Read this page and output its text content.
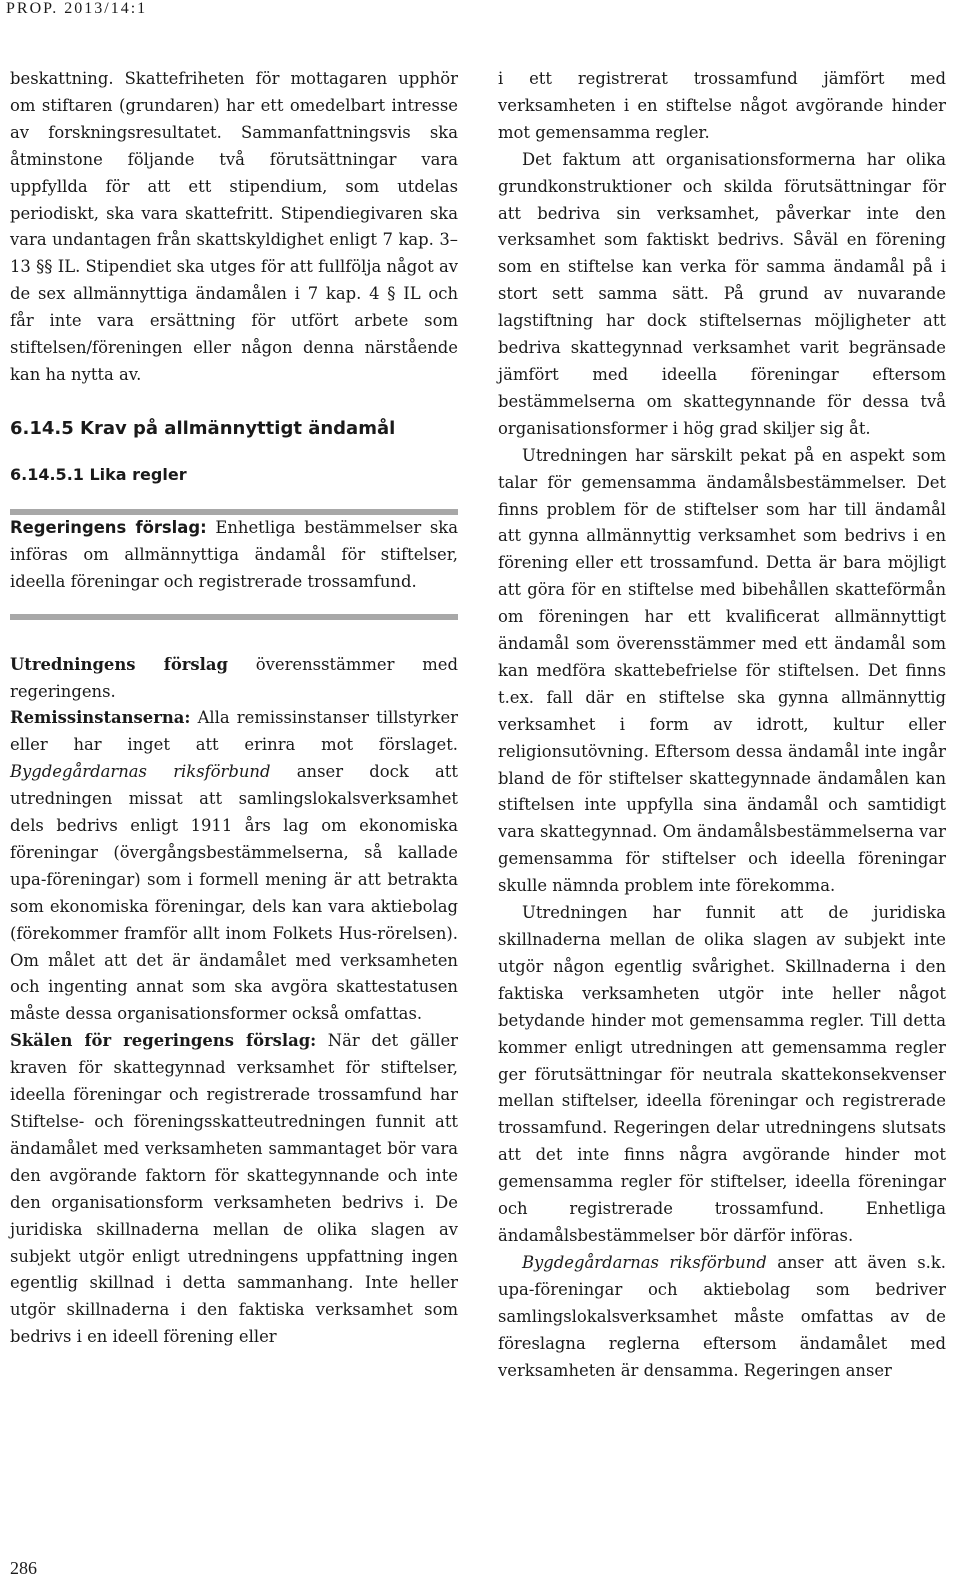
PROP. 2013/14:1

beskattning. Skattefriheten för mottagaren upphör om stiftaren (grundaren) har ett omedelbart intresse av forskningsresultatet. Sammanfattningsvis ska åtminstone följande två förutsättningar vara uppfyllda för att ett stipendium, som utdelas periodiskt, ska vara skattefritt. Stipendiegivaren ska vara undantagen från skattskyldighet enligt 7 kap. 3–13 §§ IL. Stipendiet ska utges för att fullfölja något av de sex allmännyttiga ändamålen i 7 kap. 4 § IL och får inte vara ersättning för utfört arbete som stiftelsen/föreningen eller någon denna närstående kan ha nytta av.

6.14.5 Krav på allmännyttigt ändamål
6.14.5.1 Lika regler

Regeringens förslag: Enhetliga bestämmelser ska införas om allmännyttiga ändamål för stiftelser, ideella föreningar och registrerade trossamfund.

Utredningens förslag överensstämmer med regeringens.

Remissinstanserna: Alla remissinstanser tillstyrker eller har inget att erinra mot förslaget. Bygdegårdarnas riksförbund anser dock att utredningen missat att samlingslokalsverksamhet dels bedrivs enligt 1911 års lag om ekonomiska föreningar (övergångsbestämmelserna, så kallade upa-föreningar) som i formell mening är att betrakta som ekonomiska föreningar, dels kan vara aktiebolag (förekommer framför allt inom Folkets Hus-rörelsen). Om målet att det är ändamålet med verksamheten och ingenting annat som ska avgöra skattestatusen måste dessa organisationsformer också omfattas.

Skälen för regeringens förslag: När det gäller kraven för skattegynnad verksamhet för stiftelser, ideella föreningar och registrerade trossamfund har Stiftelse- och föreningsskatteutredningen funnit att ändamålet med verksamheten sammantaget bör vara den avgörande faktorn för skattegynnande och inte den organisationsform verksamheten bedrivs i. De juridiska skillnaderna mellan de olika slagen av subjekt utgör enligt utredningens uppfattning ingen egentlig skillnad i detta sammanhang. Inte heller utgör skillnaderna i den faktiska verksamhet som bedrivs i en ideell förening eller

i ett registrerat trossamfund jämfört med verksamheten i en stiftelse något avgörande hinder mot gemensamma regler.

Det faktum att organisationsformerna har olika grundkonstruktioner och skilda förutsättningar för att bedriva sin verksamhet, påverkar inte den verksamhet som faktiskt bedrivs. Såväl en förening som en stiftelse kan verka för samma ändamål på i stort sett samma sätt. På grund av nuvarande lagstiftning har dock stiftelsernas möjligheter att bedriva skattegynnad verksamhet varit begränsade jämfört med ideella föreningar eftersom bestämmelserna om skattegynnande för dessa två organisationsformer i hög grad skiljer sig åt.

Utredningen har särskilt pekat på en aspekt som talar för gemensamma ändamålsbestämmelser. Det finns problem för de stiftelser som har till ändamål att gynna allmännyttig verksamhet som bedrivs i en förening eller ett trossamfund. Detta är bara möjligt att göra för en stiftelse med bibehållen skatteförmån om föreningen har ett kvalificerat allmännyttigt ändamål som överensstämmer med ett ändamål som kan medföra skattebefrielse för stiftelsen. Det finns t.ex. fall där en stiftelse ska gynna allmännyttig verksamhet i form av idrott, kultur eller religionsutövning. Eftersom dessa ändamål inte ingår bland de för stiftelser skattegynnade ändamålen kan stiftelsen inte uppfylla sina ändamål och samtidigt vara skattegynnad. Om ändamålsbestämmelserna var gemensamma för stiftelser och ideella föreningar skulle nämnda problem inte förekomma.

Utredningen har funnit att de juridiska skillnaderna mellan de olika slagen av subjekt inte utgör någon egentlig svårighet. Skillnaderna i den faktiska verksamheten utgör inte heller något betydande hinder mot gemensamma regler. Till detta kommer enligt utredningen att gemensamma regler ger förutsättningar för neutrala skattekonsekvenser mellan stiftelser, ideella föreningar och registrerade trossamfund. Regeringen delar utredningens slutsats att det inte finns några avgörande hinder mot gemensamma regler för stiftelser, ideella föreningar och registrerade trossamfund. Enhetliga ändamålsbestämmelser bör därför införas.

Bygdegårdarnas riksförbund anser att även s.k. upa-föreningar och aktiebolag som bedriver samlingslokalsverksamhet måste omfattas av de föreslagna reglerna eftersom ändamålet med verksamheten är densamma. Regeringen anser

286
